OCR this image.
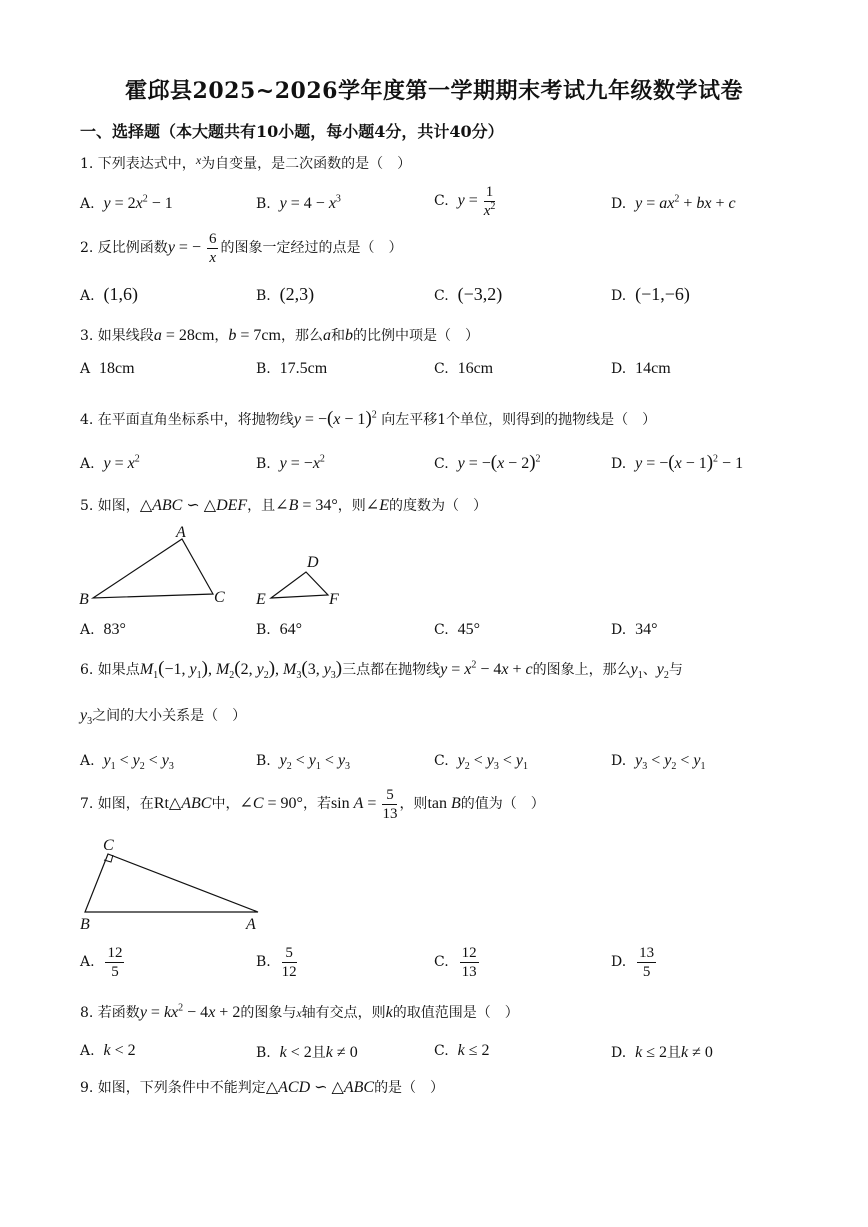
霍邱县2025~2026学年度第一学期期末考试九年级数学试卷
一、选择题（本大题共有10小题，每小题4分，共计40分）
1. 下列表达式中，x为自变量，是二次函数的是（　）
A. $y = 2x^2 - 1$	B. $y = 4 - x^3$	C. $y = \frac{1}{x^2}$	D. $y = ax^2$ + bx + c
2. 反比例函数y = − $\frac{6}{x}$ 的图象一定经过的点是（　）
A. (1,6)	B. (2,3)	C. (−3,2)	D. (−1,−6)
3. 如果线段a = 28cm，b = 7cm，那么a和b的比例中项是（　）
A 18cm	B. 17.5cm	C. 16cm	D. 14cm
4. 在平面直角坐标系中，将抛物线$y = -(x - 1)^2$ 向左平移1个单位，则得到的抛物线是（　）
A. $y = x^2$	B. $y = -x^2$	C. $y = -(x - 2)^2$	D. $y = -(x - 1)^2 - 1$
5. 如图，△ABC ∽ △DEF，且∠B = 34°，则∠E的度数为（　）
A
B	C
D
E	F
A. 83°	B. 64°	C. 45°	D. 34°
6. 如果点$M_1(-1$, $y_1$), $M_2(2$, $y_2$), $M_3(3$, $y_3$)三点都在抛物线$y = x^2 - 4x + c$的图象上，那么$y_1$、$y_2$与
$y_3$之间的大小关系是（　）
A. $y_1 < y_2 < y_3$	B. $y_2 < y_1 < y_3$	C. $y_2 < y_3 < y_1$	D. $y_3 < y_2 < y_1$
7. 如图，在Rt△ABC中，∠C = 90°，若$\sin A = \frac{5}{13}$ ，则tan B的值为（　）
C
B	A
A. $\frac{12}{5}$	B. $\frac{5}{12}$	C. $\frac{12}{13}$	D. $\frac{13}{5}$
8. 若函数$y = kx^2 - 4x + 2$的图象与x轴有交点，则k的取值范围是（　）
A. k < 2	B. k < 2且k ≠ 0	C. k ≤ 2	D. k ≤ 2且k ≠ 0
9. 如图，下列条件中不能判定△ACD ∽ △ABC的是（　）
